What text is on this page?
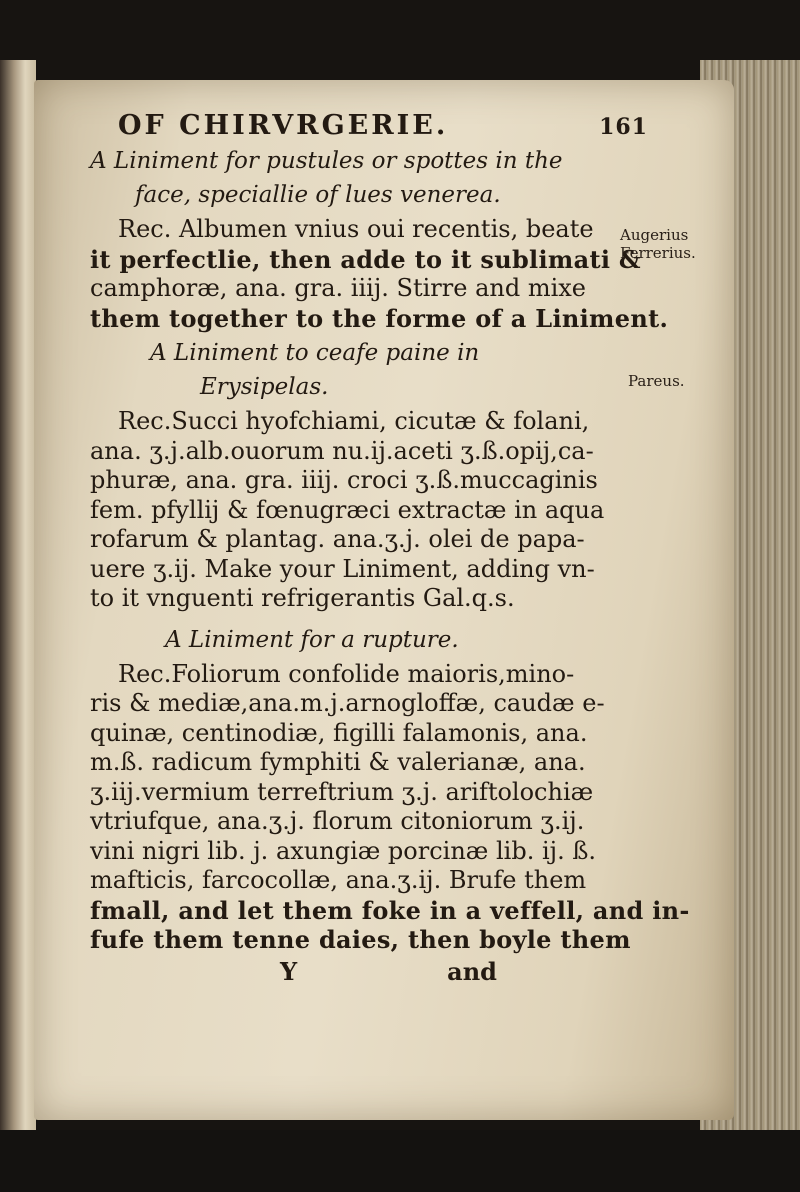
OF CHIRVRGERIE.	161
A Liniment for pustules or spottes in the
face, speciallie of lues venerea.
Rec. Albumen vnius oui recentis, beate
it perfectlie, then adde to it sublimati &
camphoræ, ana. gra. iiij. Stirre and mixe
them together to the forme of a Liniment.
A Liniment to ceafe paine in
Erysipelas.
Rec.Succi hyofchiami, cicutæ & folani,
ana. ʒ.j.alb.ouorum nu.ij.aceti ʒ.ß.opij,ca-
phuræ, ana. gra. iiij. croci ʒ.ß.muccaginis
fem. pfyllij & fœnugræci extractæ in aqua
rofarum & plantag. ana.ʒ.j. olei de papa-
uere ʒ.ij. Make your Liniment, adding vn-
to it vnguenti refrigerantis Gal.q.s.
A Liniment for a rupture.
Rec.Foliorum confolide maioris,mino-
ris & mediæ,ana.m.j.arnogloffæ, caudæ e-
quinæ, centinodiæ, figilli falamonis, ana.
m.ß. radicum fymphiti & valerianæ, ana.
ʒ.iij.vermium terreftrium ʒ.j. ariftolochiæ
vtriufque, ana.ʒ.j. florum citoniorum ʒ.ij.
vini nigri lib. j. axungiæ porcinæ lib. ij. ß.
mafticis, farcocollæ, ana.ʒ.ij. Brufe them
fmall, and let them foke in a veffell, and in-
fufe them tenne daies, then boyle them
Y	and
Augerius
Ferrerius.
Pareus.
